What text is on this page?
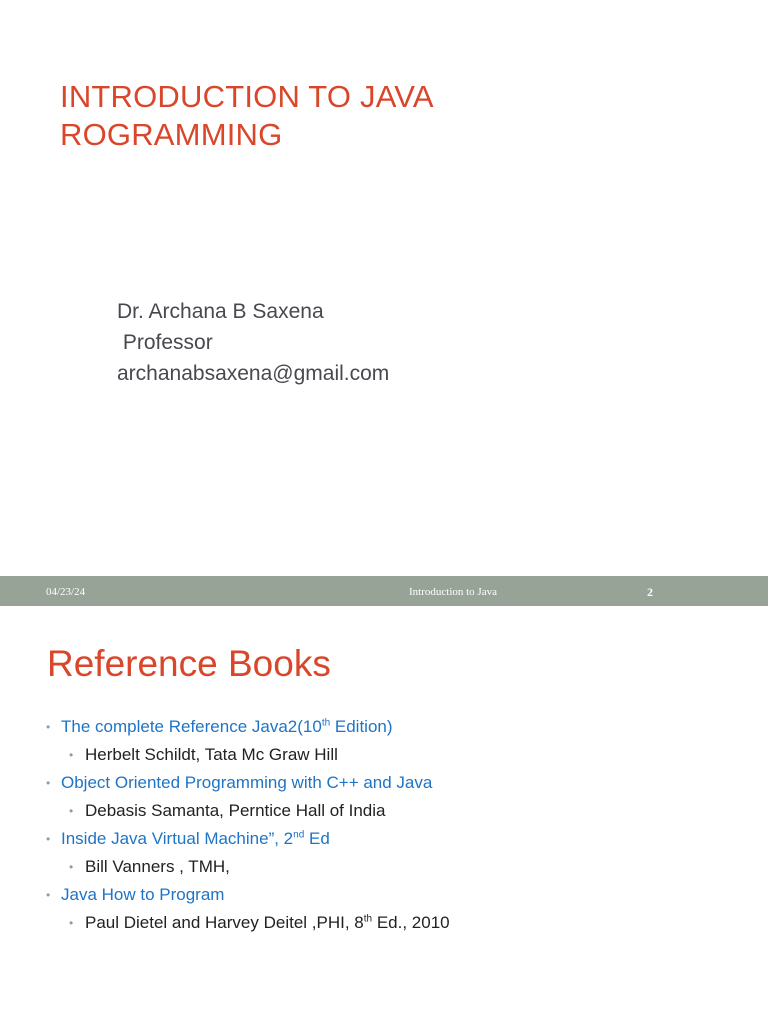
INTRODUCTION TO JAVA
ROGRAMMING
Dr. Archana B Saxena
Professor
archanabsaxena@gmail.com
04/23/24	Introduction to Java	2
Reference Books
• The complete Reference Java2(10th Edition)
• Herbelt Schildt, Tata Mc Graw Hill
• Object Oriented Programming with C++ and Java
• Debasis Samanta, Perntice Hall of India
• Inside Java Virtual Machine”, 2nd Ed
• Bill Vanners , TMH,
• Java How to Program
• Paul Dietel and Harvey Deitel ,PHI, 8th Ed., 2010
